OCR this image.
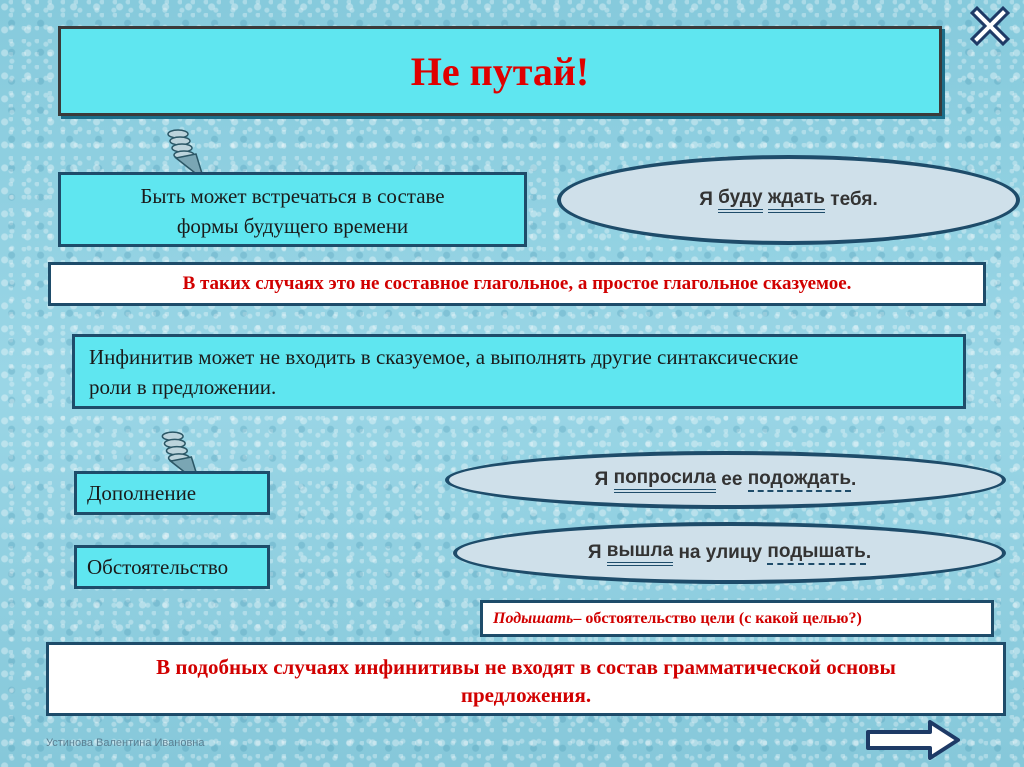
Не путай!
Быть может встречаться в составе
формы будущего времени
Я
буду
ждать
тебя.
В таких случаях это не составное глагольное, а простое глагольное сказуемое.
Инфинитив может не входить в сказуемое, а выполнять другие синтаксические
роли в предложении.
Дополнение
Я
попросила
ее
подождать .
Обстоятельство
Я
вышла
на улицу
подышать .
Подышать – обстоятельство цели (с какой целью?)
В подобных случаях инфинитивы не входят в состав грамматической основы
предложения.
Устинова Валентина Ивановна
